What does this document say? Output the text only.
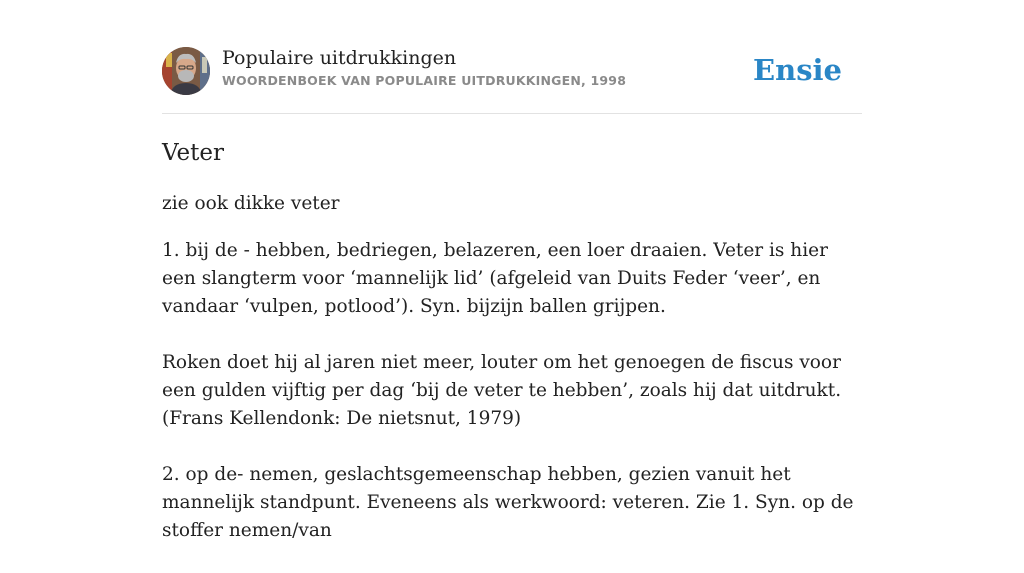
Populaire uitdrukkingen
WOORDENBOEK VAN POPULAIRE UITDRUKKINGEN, 1998	Ensie
Veter
zie ook dikke veter

1. bij de - hebben, bedriegen, belazeren, een loer draaien. Veter is hier een slangterm voor ‘mannelijk lid’ (afgeleid van Duits Feder ‘veer’, en vandaar ‘vulpen, potlood’). Syn. bijzijn ballen grijpen.

Roken doet hij al jaren niet meer, louter om het genoegen de fiscus voor een gulden vijftig per dag ‘bij de veter te hebben’, zoals hij dat uitdrukt. (Frans Kellendonk: De nietsnut, 1979)

2. op de- nemen, geslachtsgemeenschap hebben, gezien vanuit het mannelijk standpunt. Eveneens als werkwoord: veteren. Zie 1. Syn. op de stoffer nemen/van
